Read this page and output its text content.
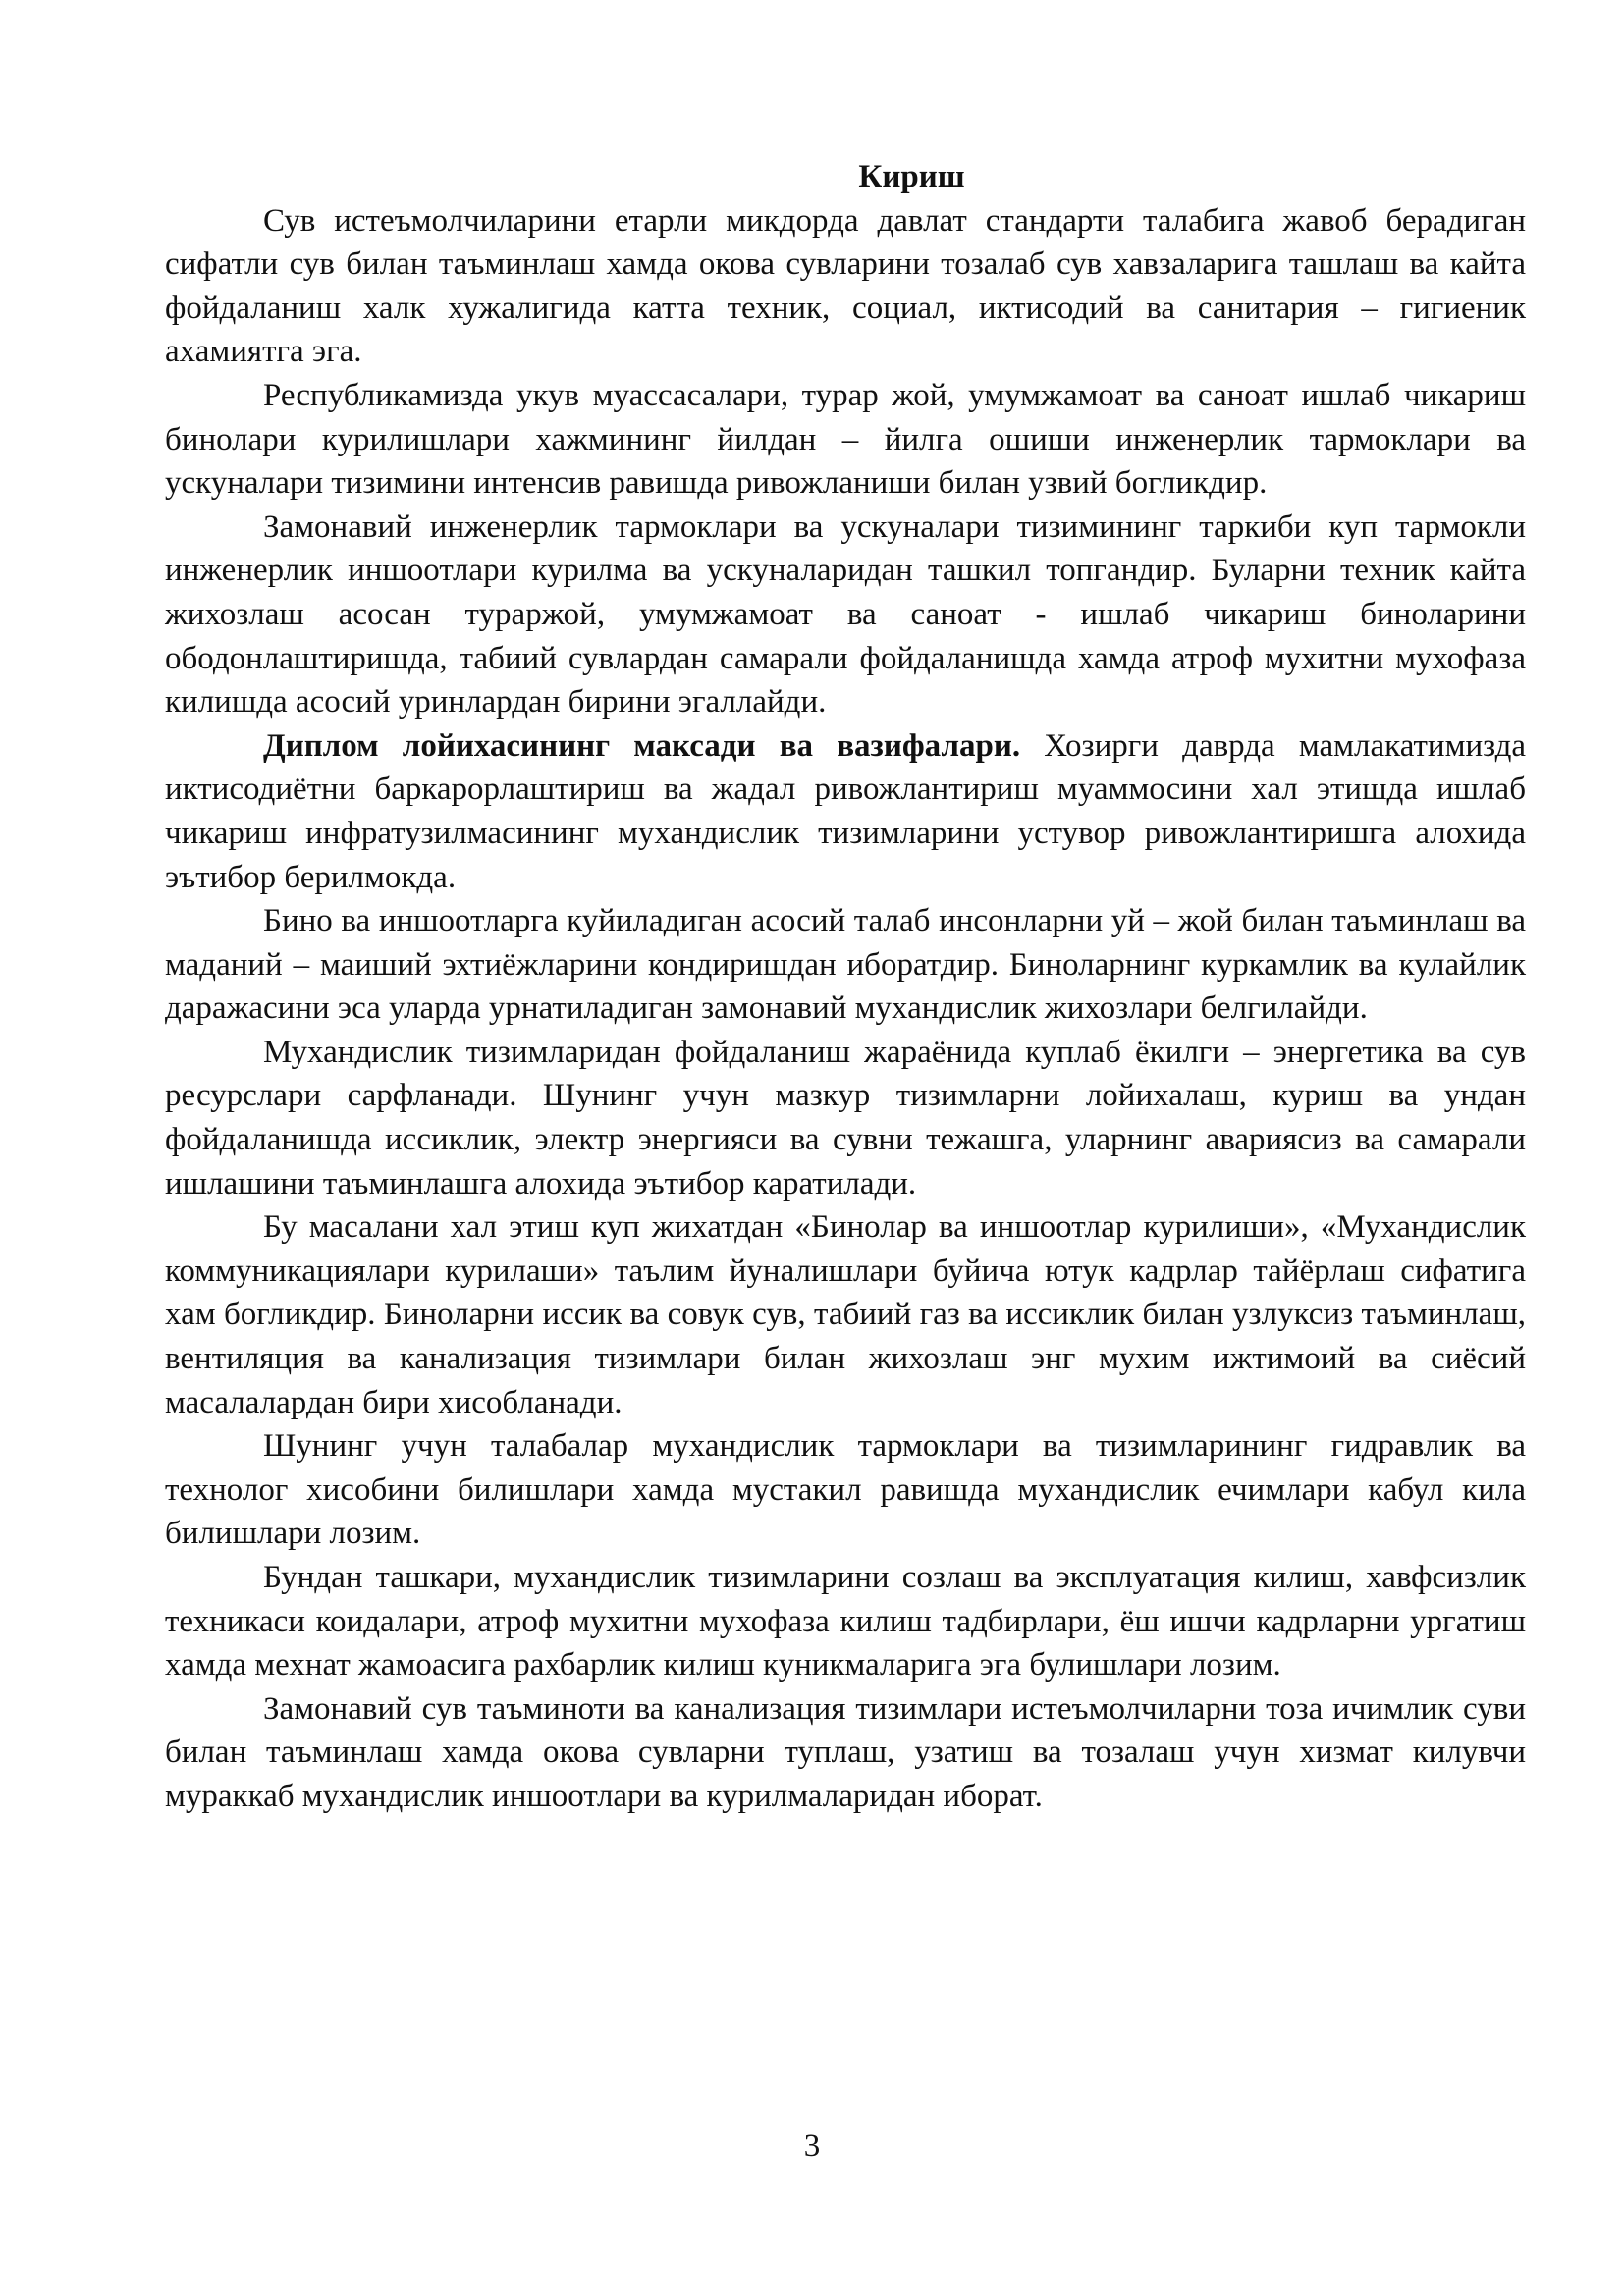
Кириш

Сув истеъмолчиларини етарли микдорда давлат стандарти талабига жавоб берадиган сифатли сув билан таъминлаш хамда окова сувларини тозалаб сув хавзаларига ташлаш ва кайта фойдаланиш халк хужалигида катта техник, социал, иктисодий ва санитария – гигиеник ахамиятга эга.

Республикамизда укув муассасалари, турар жой, умумжамоат ва саноат ишлаб чикариш бинолари курилишлари хажмининг йилдан – йилга ошиши инженерлик тармоклари ва ускуналари тизимини интенсив равишда ривожланиши билан узвий богликдир.

Замонавий инженерлик тармоклари ва ускуналари тизимининг таркиби куп тармокли инженерлик иншоотлари курилма ва ускуналаридан ташкил топгандир. Буларни техник кайта жихозлаш асосан тураржой, умумжамоат ва саноат - ишлаб чикариш биноларини ободонлаштиришда, табиий сувлардан самарали фойдаланишда хамда атроф мухитни мухофаза килишда асосий уринлардан бирини эгаллайди.

Диплом лойихасининг максади ва вазифалари. Хозирги даврда мамлакатимизда иктисодиётни баркарорлаштириш ва жадал ривожлантириш муаммосини хал этишда ишлаб чикариш инфратузилмасининг мухандислик тизимларини устувор ривожлантиришга алохида эътибор берилмокда.

Бино ва иншоотларга куйиладиган асосий талаб инсонларни уй – жой билан таъминлаш ва маданий – маиший эхтиёжларини кондиришдан иборатдир. Биноларнинг куркамлик ва кулайлик даражасини эса уларда урнатиладиган замонавий мухандислик жихозлари белгилайди.

Мухандислик тизимларидан фойдаланиш жараёнида куплаб ёкилги – энергетика ва сув ресурслари сарфланади. Шунинг учун мазкур тизимларни лойихалаш, куриш ва ундан фойдаланишда иссиклик, электр энергияси ва сувни тежашга, уларнинг авариясиз ва самарали ишлашини таъминлашга алохида эътибор каратилади.

Бу масалани хал этиш куп жихатдан «Бинолар ва иншоотлар курилиши», «Мухандислик коммуникациялари курилаши» таълим йуналишлари буйича ютук кадрлар тайёрлаш сифатига хам богликдир. Биноларни иссик ва совук сув, табиий газ ва иссиклик билан узлуксиз таъминлаш, вентиляция ва канализация тизимлари билан жихозлаш энг мухим ижтимоий ва сиёсий масалалардан бири хисобланади.

Шунинг учун талабалар мухандислик тармоклари ва тизимларининг гидравлик ва технолог хисобини билишлари хамда мустакил равишда мухандислик ечимлари кабул кила билишлари лозим.

Бундан ташкари, мухандислик тизимларини созлаш ва эксплуатация килиш, хавфсизлик техникаси коидалари, атроф мухитни мухофаза килиш тадбирлари, ёш ишчи кадрларни ургатиш хамда мехнат жамоасига рахбарлик килиш куникмаларига эга булишлари лозим.

Замонавий сув таъминоти ва канализация тизимлари истеъмолчиларни тоза ичимлик суви билан таъминлаш хамда окова сувларни туплаш, узатиш ва тозалаш учун хизмат килувчи мураккаб мухандислик иншоотлари ва курилмаларидан иборат.

3
